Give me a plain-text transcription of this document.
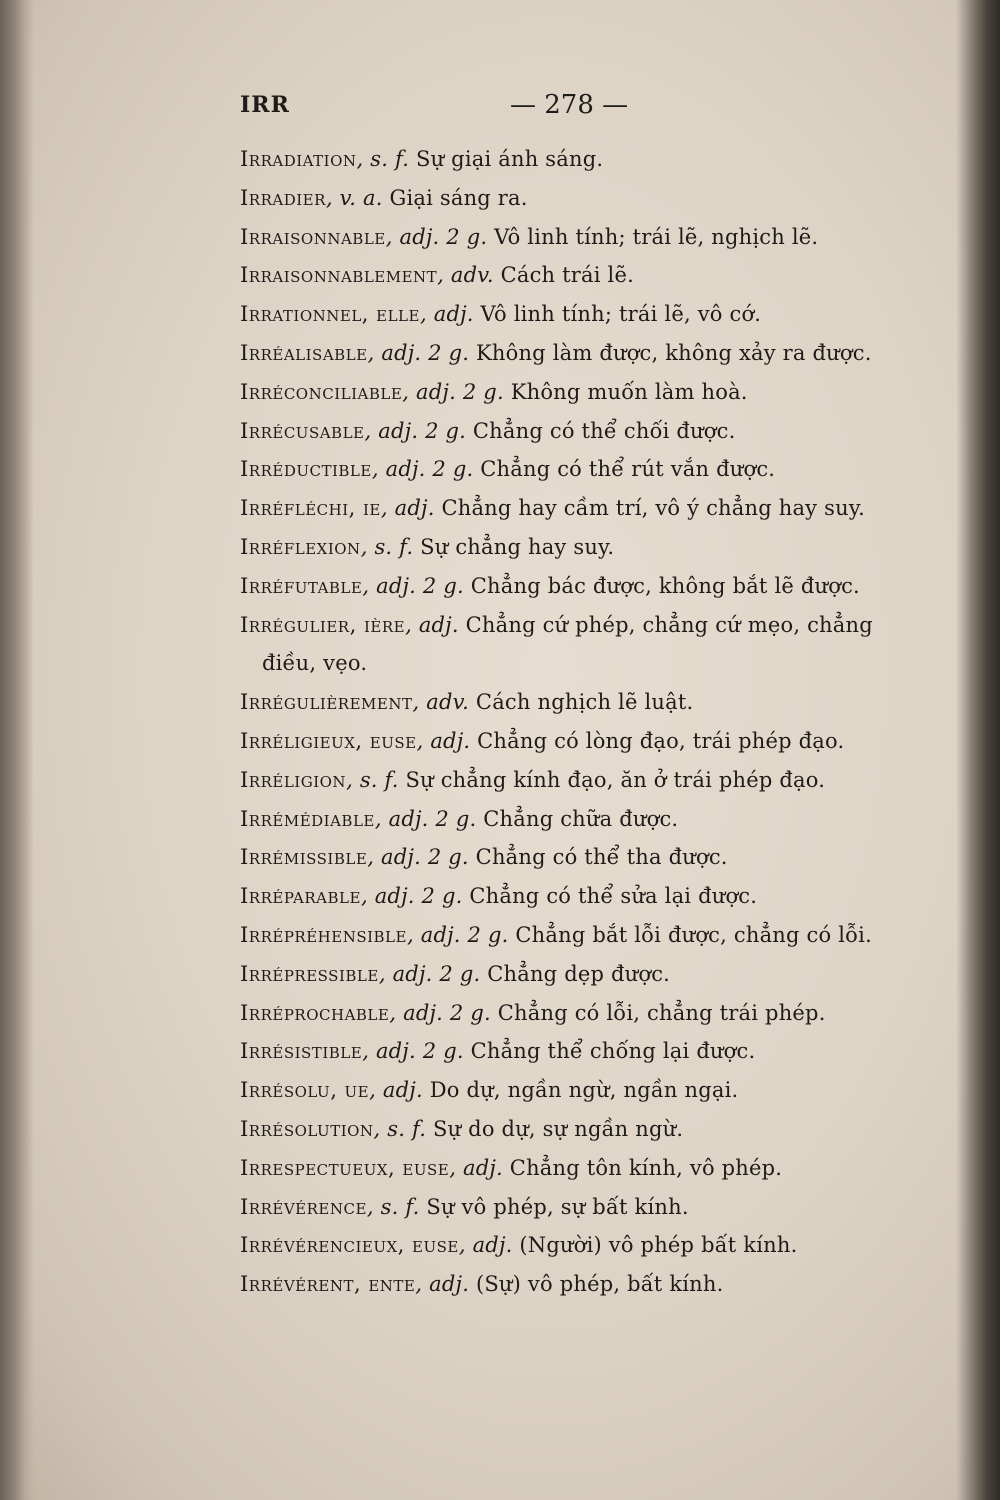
IRR	— 278 —
Irradiation, s. f. Sự giại ánh sáng.
Irradier, v. a. Giại sáng ra.
Irraisonnable, adj. 2 g. Vô linh tính; trái lẽ, nghịch lẽ.
Irraisonnablement, adv. Cách trái lẽ.
Irrationnel, elle, adj. Vô linh tính; trái lẽ, vô cớ.
Irréalisable, adj. 2 g. Không làm được, không xảy ra được.
Irréconciliable, adj. 2 g. Không muốn làm hoà.
Irrécusable, adj. 2 g. Chẳng có thể chối được.
Irréductible, adj. 2 g. Chẳng có thể rút vắn được.
Irréfléchi, ie, adj. Chẳng hay cầm trí, vô ý chẳng hay suy.
Irréflexion, s. f. Sự chẳng hay suy.
Irréfutable, adj. 2 g. Chẳng bác được, không bắt lẽ được.
Irrégulier, ière, adj. Chẳng cứ phép, chẳng cứ mẹo, chẳng
điều, vẹo.
Irrégulièrement, adv. Cách nghịch lẽ luật.
Irréligieux, euse, adj. Chẳng có lòng đạo, trái phép đạo.
Irréligion, s. f. Sự chẳng kính đạo, ăn ở trái phép đạo.
Irrémédiable, adj. 2 g. Chẳng chữa được.
Irrémissible, adj. 2 g. Chẳng có thể tha được.
Irréparable, adj. 2 g. Chẳng có thể sửa lại được.
Irrépréhensible, adj. 2 g. Chẳng bắt lỗi được, chẳng có lỗi.
Irrépressible, adj. 2 g. Chẳng dẹp được.
Irréprochable, adj. 2 g. Chẳng có lỗi, chẳng trái phép.
Irrésistible, adj. 2 g. Chẳng thể chống lại được.
Irrésolu, ue, adj. Do dự, ngần ngừ, ngần ngại.
Irrésolution, s. f. Sự do dự, sự ngần ngừ.
Irrespectueux, euse, adj. Chẳng tôn kính, vô phép.
Irrévérence, s. f. Sự vô phép, sự bất kính.
Irrévérencieux, euse, adj. (Người) vô phép bất kính.
Irrévérent, ente, adj. (Sự) vô phép, bất kính.
